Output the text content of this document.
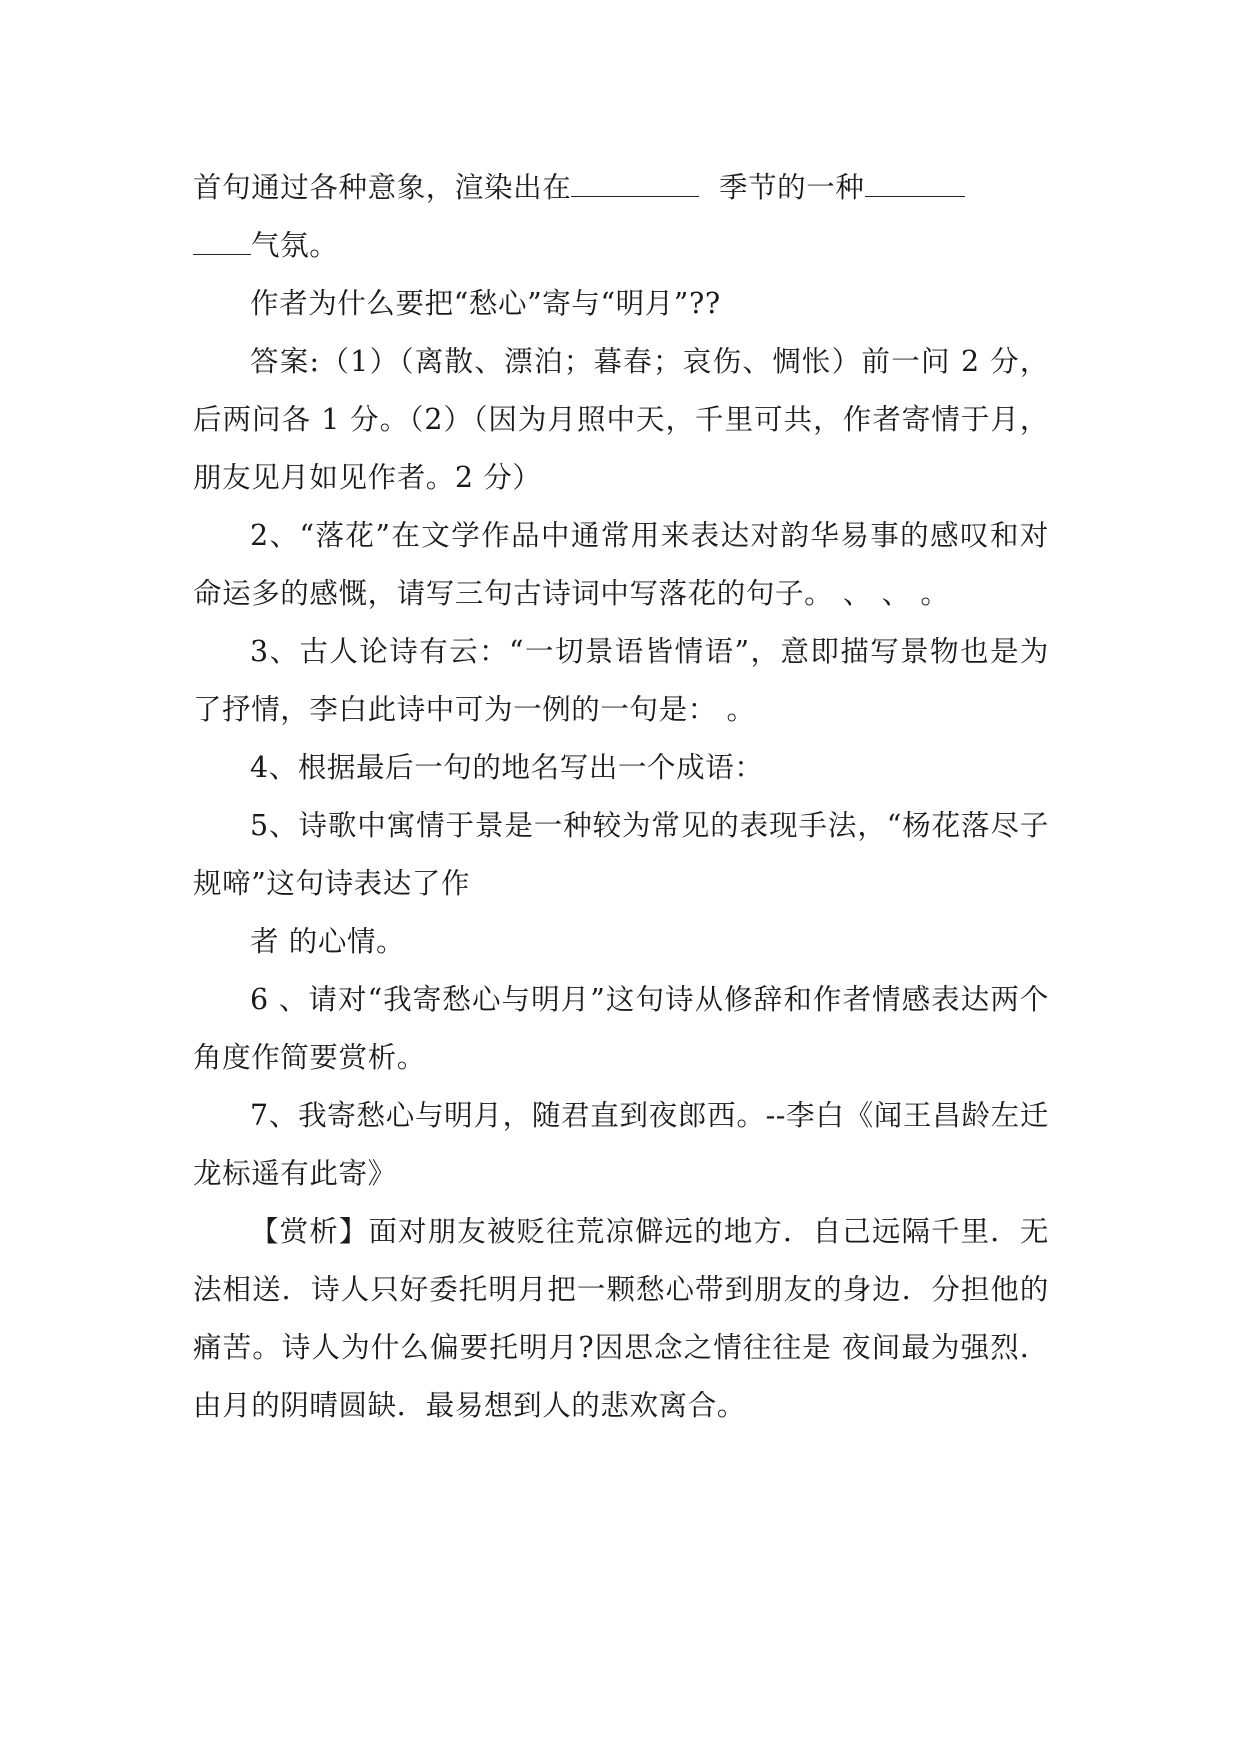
首句通过各种意象，渲染出在	季节的一种
气氛。

作者为什么要把“愁心”寄与“明月”??

答案:（1）（离散、漂泊；暮春；哀伤、惆怅）前一问 2 分，后两问各 1 分。（2）（因为月照中天，千里可共，作者寄情于月，朋友见月如见作者。2 分）

2、“落花”在文学作品中通常用来表达对韵华易事的感叹和对命运多的感慨，请写三句古诗词中写落花的句子。 、 、 。

3、古人论诗有云：“一切景语皆情语”，意即描写景物也是为了抒情，李白此诗中可为一例的一句是： 。

4、根据最后一句的地名写出一个成语：

5、诗歌中寓情于景是一种较为常见的表现手法，“杨花落尽子规啼”这句诗表达了作

者 的心情。

6 、请对“我寄愁心与明月”这句诗从修辞和作者情感表达两个角度作简要赏析。

7、我寄愁心与明月，随君直到夜郎西。--李白《闻王昌龄左迁龙标遥有此寄》

【赏析】面对朋友被贬往荒凉僻远的地方．自己远隔千里．无法相送．诗人只好委托明月把一颗愁心带到朋友的身边．分担他的痛苦。诗人为什么偏要托明月?因思念之情往往是 夜间最为强烈．由月的阴晴圆缺．最易想到人的悲欢离合。
